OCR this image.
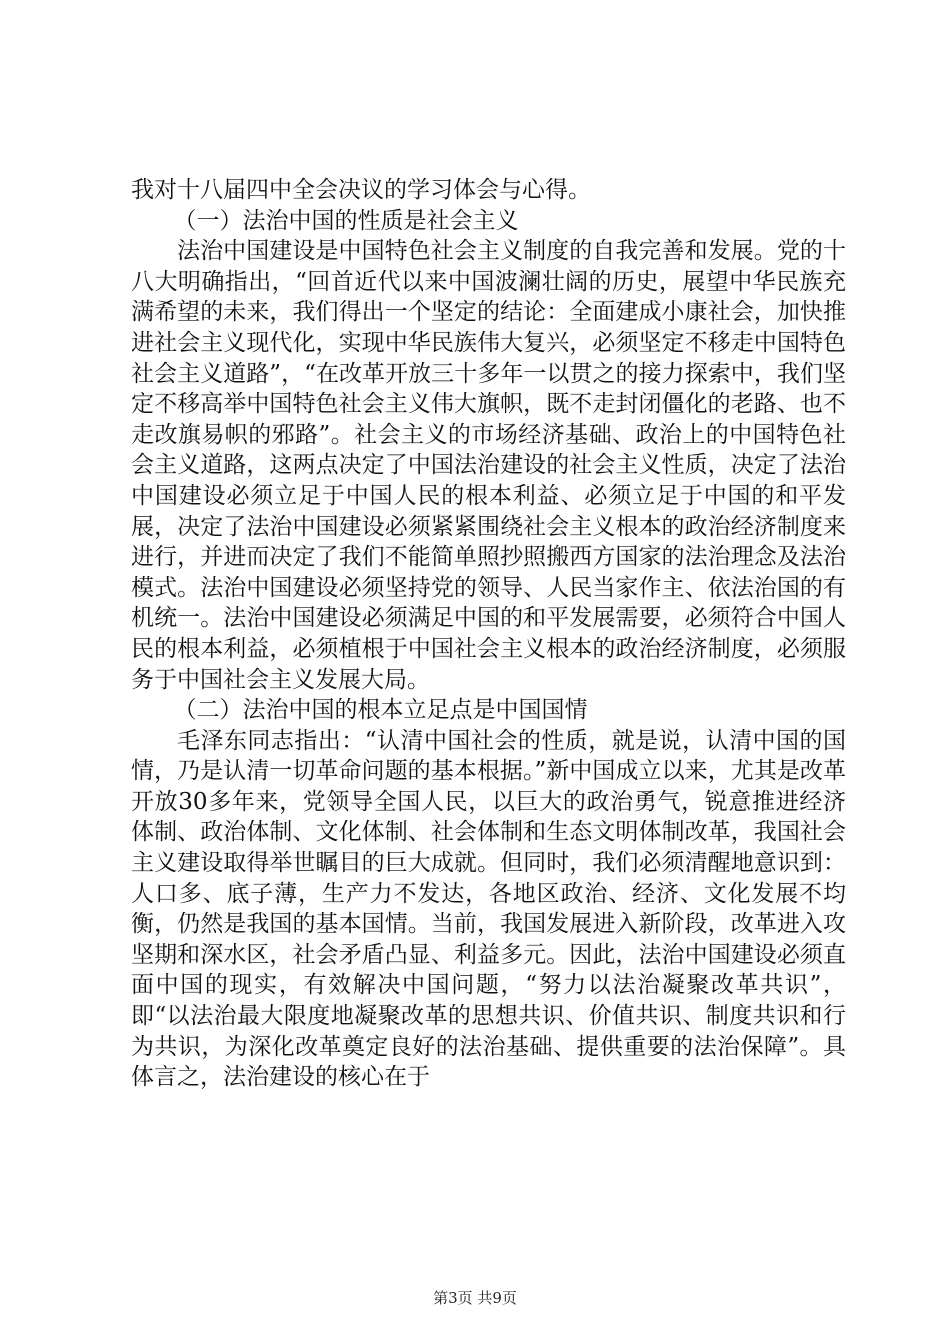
我对十八届四中全会决议的学习体会与心得。

（一）法治中国的性质是社会主义

法治中国建设是中国特色社会主义制度的自我完善和发展。党的十八大明确指出，“回首近代以来中国波澜壮阔的历史，展望中华民族充满希望的未来，我们得出一个坚定的结论：全面建成小康社会，加快推进社会主义现代化，实现中华民族伟大复兴，必须坚定不移走中国特色社会主义道路”，“在改革开放三十多年一以贯之的接力探索中，我们坚定不移高举中国特色社会主义伟大旗帜，既不走封闭僵化的老路、也不走改旗易帜的邪路”。社会主义的市场经济基础、政治上的中国特色社会主义道路，这两点决定了中国法治建设的社会主义性质，决定了法治中国建设必须立足于中国人民的根本利益、必须立足于中国的和平发展，决定了法治中国建设必须紧紧围绕社会主义根本的政治经济制度来进行，并进而决定了我们不能简单照抄照搬西方国家的法治理念及法治模式。法治中国建设必须坚持党的领导、人民当家作主、依法治国的有机统一。法治中国建设必须满足中国的和平发展需要，必须符合中国人民的根本利益，必须植根于中国社会主义根本的政治经济制度，必须服务于中国社会主义发展大局。

（二）法治中国的根本立足点是中国国情

毛泽东同志指出：“认清中国社会的性质，就是说，认清中国的国情，乃是认清一切革命问题的基本根据。”新中国成立以来，尤其是改革开放30多年来，党领导全国人民，以巨大的政治勇气，锐意推进经济体制、政治体制、文化体制、社会体制和生态文明体制改革，我国社会主义建设取得举世瞩目的巨大成就。但同时，我们必须清醒地意识到：人口多、底子薄，生产力不发达，各地区政治、经济、文化发展不均衡，仍然是我国的基本国情。当前，我国发展进入新阶段，改革进入攻坚期和深水区，社会矛盾凸显、利益多元。因此，法治中国建设必须直面中国的现实，有效解决中国问题，“努力以法治凝聚改革共识”，即“以法治最大限度地凝聚改革的思想共识、价值共识、制度共识和行为共识，为深化改革奠定良好的法治基础、提供重要的法治保障”。具体言之，法治建设的核心在于

第3页 共9页
